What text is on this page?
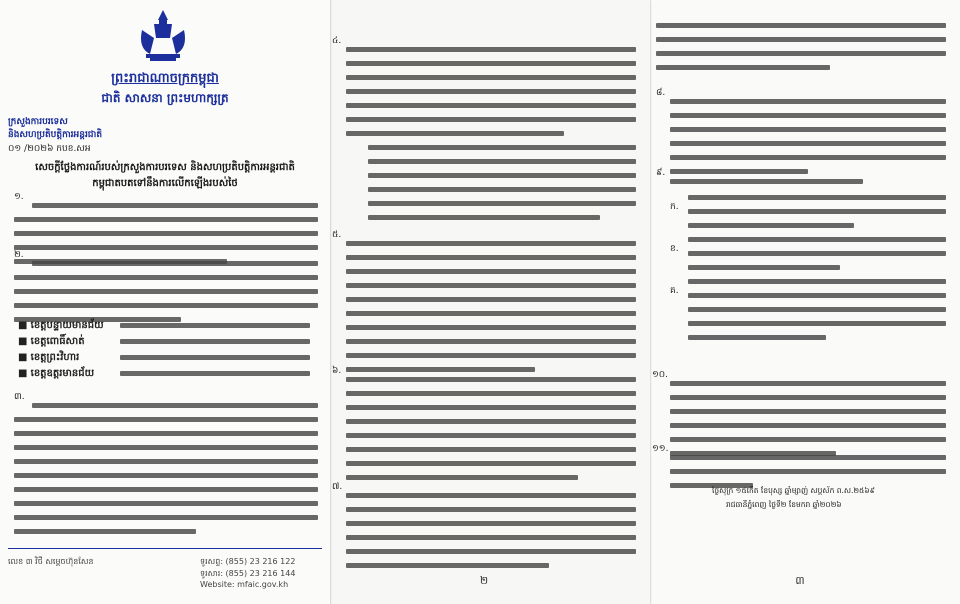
ព្រះរាជាណាចក្រកម្ពុជា
ជាតិ សាសនា ព្រះមហាក្សត្រ
ក្រសួងការបរទេស
និងសហប្រតិបត្តិការអន្តរជាតិ
០១ /២០២៦ កបខ.សអ
សេចក្តីថ្លែងការណ៍របស់ក្រសួងការបរទេស និងសហប្រតិបត្តិការអន្តរជាតិ
កម្ពុជាតបតទៅនឹងការលើកឡើងរបស់ថៃ
១.
២.
■ ខេត្តបន្ទាយមានជ័យ
■ ខេត្តពោធិ៍សាត់
■ ខេត្តព្រះវិហារ
■ ខេត្តឧត្តរមានជ័យ
៣.
លេខ ៣ វិថី សម្តេចហ៊ុនសែន	ទូរសព្ទ: (855) 23 216 122
ទូរសារ: (855) 23 216 144
Website: mfaic.gov.kh
៤.
៥.
៦.
៧.
២
៨.
៩.
ក.
ខ.
គ.
១០.
១១.
ថ្ងៃសុក្រ ១៥កើត ខែបុស្ស ឆ្នាំម្សាញ់ សប្តស័ក ព.ស.២៥៦៩
រាជធានីភ្នំពេញ ថ្ងៃទី២ ខែមករា ឆ្នាំ២០២៦
៣
